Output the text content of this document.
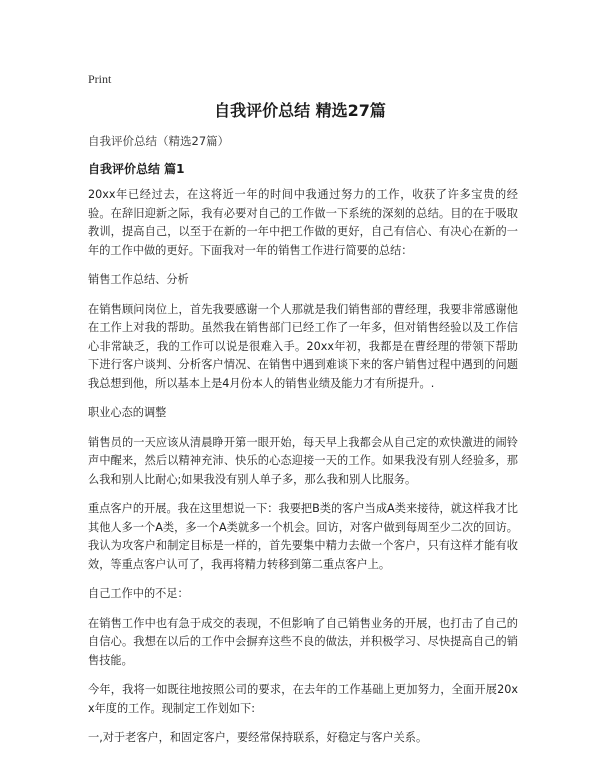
Print
自我评价总结 精选27篇

自我评价总结（精选27篇）

自我评价总结 篇1

20xx年已经过去，在这将近一年的时间中我通过努力的工作，收获了许多宝贵的经验。在辞旧迎新之际，我有必要对自己的工作做一下系统的深刻的总结。目的在于吸取教训，提高自己，以至于在新的一年中把工作做的更好，自己有信心、有决心在新的一年的工作中做的更好。下面我对一年的销售工作进行简要的总结：

销售工作总结、分析

在销售顾问岗位上，首先我要感谢一个人那就是我们销售部的曹经理，我要非常感谢他在工作上对我的帮助。虽然我在销售部门已经工作了一年多，但对销售经验以及工作信心非常缺乏，我的工作可以说是很难入手。20xx年初，我都是在曹经理的带领下帮助下进行客户谈判、分析客户情况、在销售中遇到难谈下来的客户销售过程中遇到的问题我总想到他，所以基本上是4月份本人的销售业绩及能力才有所提升。.

职业心态的调整

销售员的一天应该从清晨睁开第一眼开始，每天早上我都会从自己定的欢快激进的闹铃声中醒来，然后以精神充沛、快乐的心态迎接一天的工作。如果我没有别人经验多，那么我和别人比耐心;如果我没有别人单子多，那么我和别人比服务。

重点客户的开展。我在这里想说一下：我要把B类的客户当成A类来接待，就这样我才比其他人多一个A类，多一个A类就多一个机会。回访，对客户做到每周至少二次的回访。我认为攻客户和制定目标是一样的，首先要集中精力去做一个客户，只有这样才能有收效，等重点客户认可了，我再将精力转移到第二重点客户上。

自己工作中的不足：

在销售工作中也有急于成交的表现，不但影响了自己销售业务的开展，也打击了自己的自信心。我想在以后的工作中会摒弃这些不良的做法，并积极学习、尽快提高自己的销售技能。

今年，我将一如既往地按照公司的要求，在去年的工作基础上更加努力，全面开展20xx年度的工作。现制定工作划如下:

一,对于老客户，和固定客户，要经常保持联系，好稳定与客户关系。
